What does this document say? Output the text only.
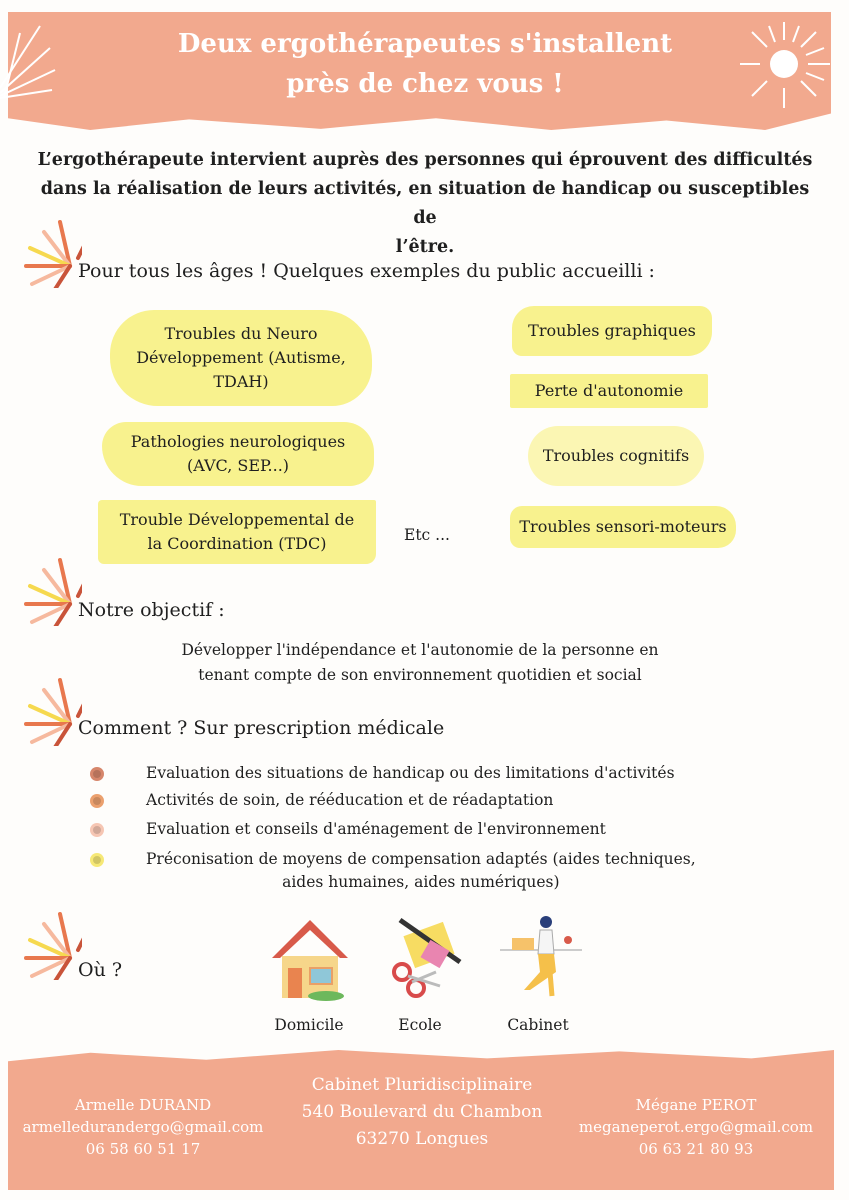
Deux ergothérapeutes s'installent
près de chez vous !
L’ergothérapeute intervient auprès des personnes qui éprouvent des difficultés
dans la réalisation de leurs activités, en situation de handicap ou susceptibles de
l’être.
Pour tous les âges ! Quelques exemples du public accueilli :
Troubles du Neuro
Développement (Autisme,
TDAH)
Troubles graphiques
Perte d'autonomie
Pathologies neurologiques
(AVC, SEP...)
Troubles cognitifs
Trouble Développemental de
la Coordination (TDC)	Etc ...	Troubles sensori-moteurs
Notre objectif :
Développer l'indépendance et l'autonomie de la personne en
tenant compte de son environnement quotidien et social
Comment ? Sur prescription médicale
Evaluation des situations de handicap ou des limitations d'activités
Activités de soin, de rééducation et de réadaptation
Evaluation et conseils d'aménagement de l'environnement
Préconisation de moyens de compensation adaptés (aides techniques,
aides humaines, aides numériques)
Où ?
Domicile	Ecole	Cabinet
Armelle DURAND
armelledurandergo@gmail.com
06 58 60 51 17
Cabinet Pluridisciplinaire
540 Boulevard du Chambon
63270 Longues
Mégane PEROT
meganeperot.ergo@gmail.com
06 63 21 80 93
